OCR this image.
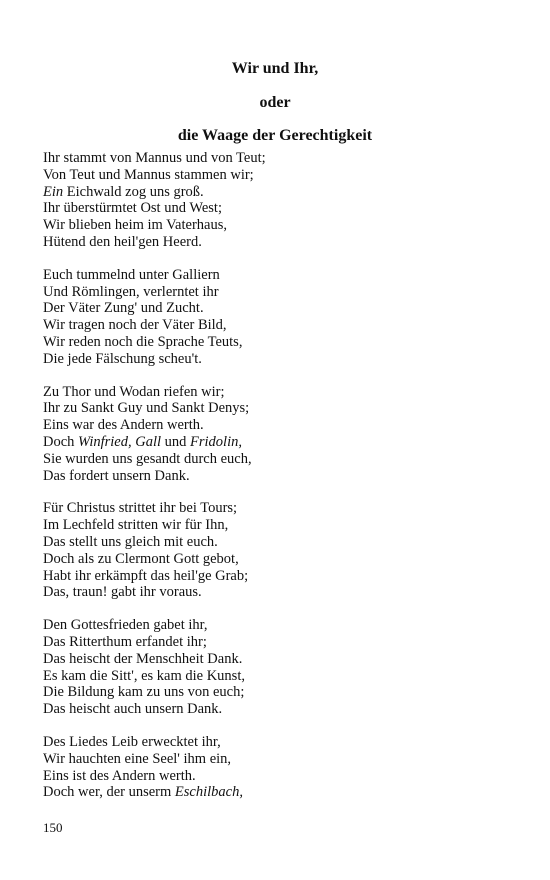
Wir und Ihr,
oder
die Waage der Gerechtigkeit
Ihr stammt von Mannus und von Teut;
Von Teut und Mannus stammen wir;
Ein Eichwald zog uns groß.
Ihr überstürmtet Ost und West;
Wir blieben heim im Vaterhaus,
Hütend den heil'gen Heerd.
Euch tummelnd unter Galliern
Und Römlingen, verlerntet ihr
Der Väter Zung' und Zucht.
Wir tragen noch der Väter Bild,
Wir reden noch die Sprache Teuts,
Die jede Fälschung scheu't.
Zu Thor und Wodan riefen wir;
Ihr zu Sankt Guy und Sankt Denys;
Eins war des Andern werth.
Doch Winfried, Gall und Fridolin,
Sie wurden uns gesandt durch euch,
Das fordert unsern Dank.
Für Christus strittet ihr bei Tours;
Im Lechfeld stritten wir für Ihn,
Das stellt uns gleich mit euch.
Doch als zu Clermont Gott gebot,
Habt ihr erkämpft das heil'ge Grab;
Das, traun! gabt ihr voraus.
Den Gottesfrieden gabet ihr,
Das Ritterthum erfandet ihr;
Das heischt der Menschheit Dank.
Es kam die Sitt', es kam die Kunst,
Die Bildung kam zu uns von euch;
Das heischt auch unsern Dank.
Des Liedes Leib erwecktet ihr,
Wir hauchten eine Seel' ihm ein,
Eins ist des Andern werth.
Doch wer, der unserm Eschilbach,
150
